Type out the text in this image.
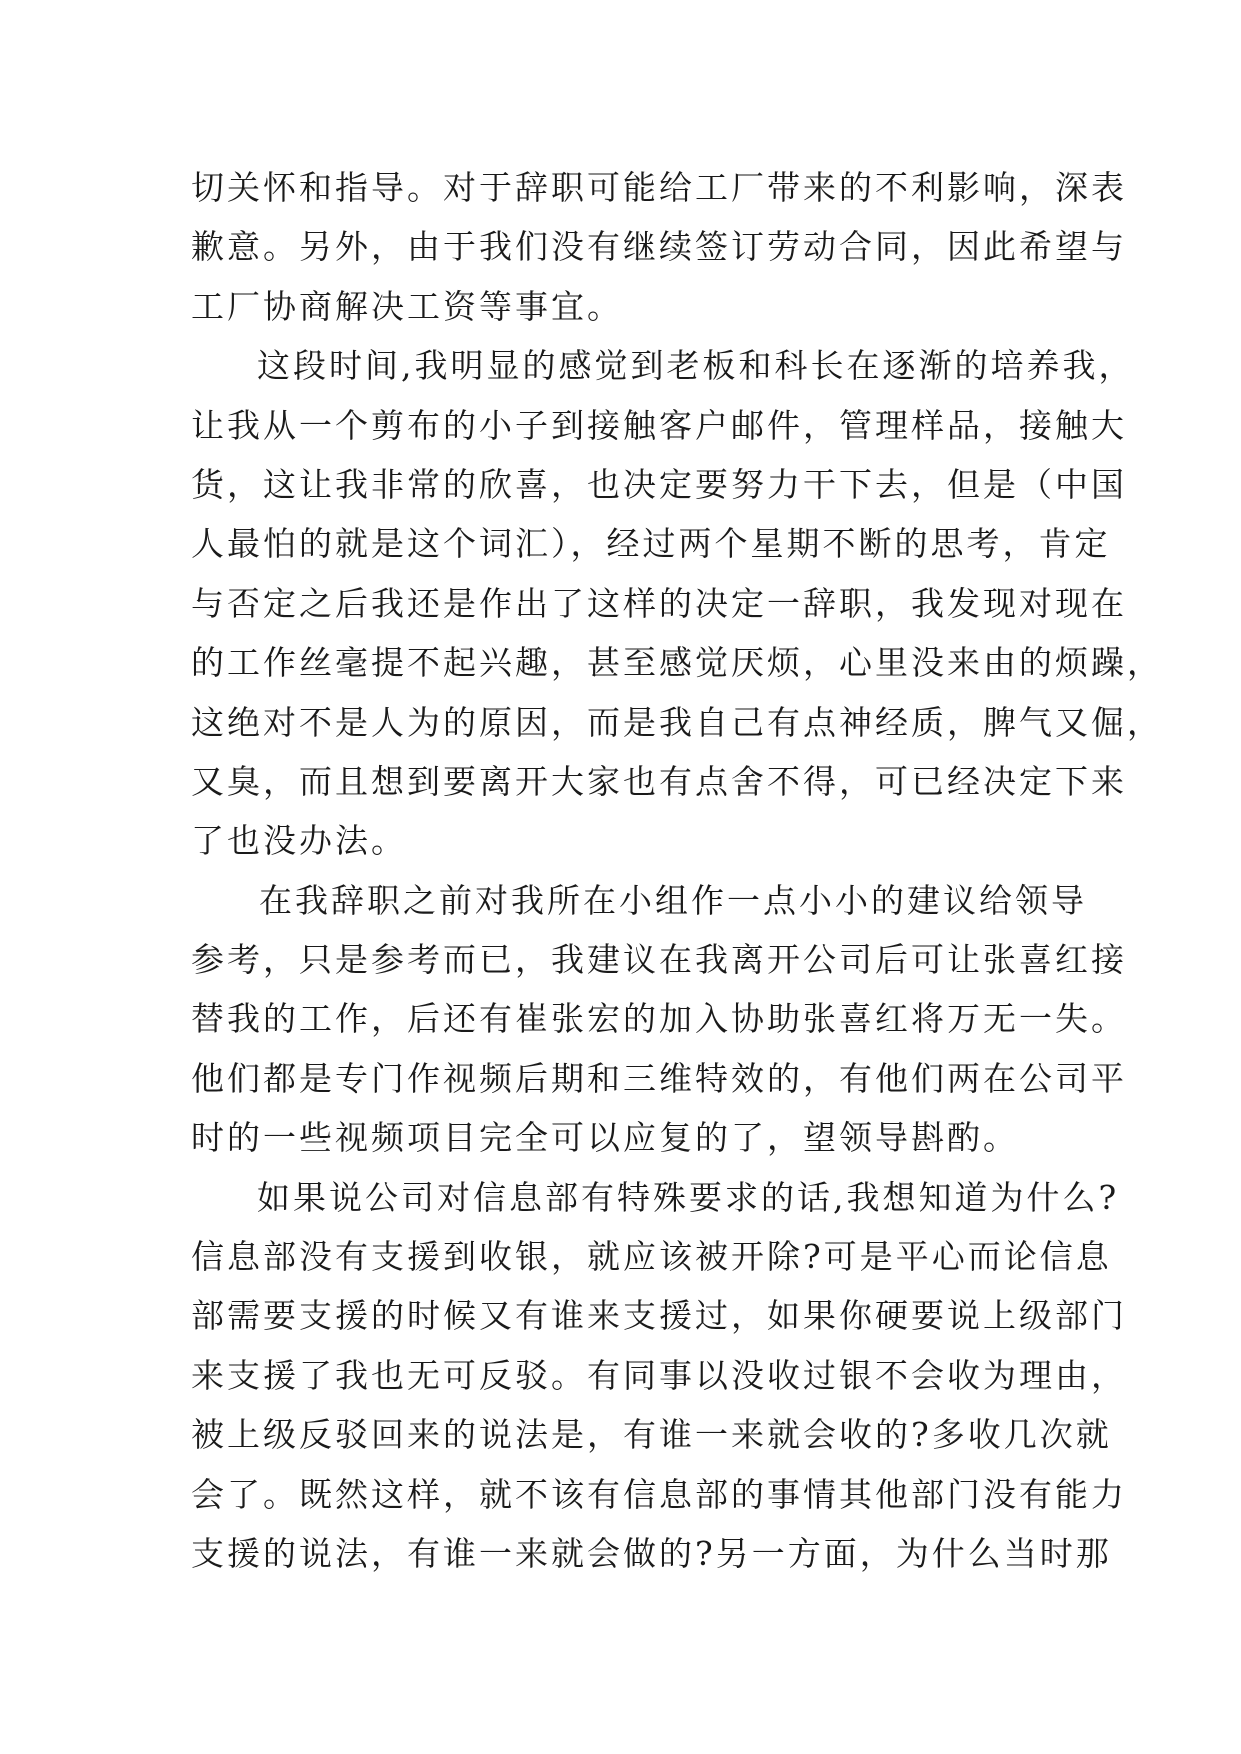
切关怀和指导。对于辞职可能给工厂带来的不利影响，深表
歉意。另外，由于我们没有继续签订劳动合同，因此希望与
工厂协商解决工资等事宜。
这段时间,我明显的感觉到老板和科长在逐渐的培养我，
让我从一个剪布的小子到接触客户邮件，管理样品，接触大
货，这让我非常的欣喜，也决定要努力干下去，但是（中国
人最怕的就是这个词汇），经过两个星期不断的思考，肯定
与否定之后我还是作出了这样的决定一辞职，我发现对现在
的工作丝毫提不起兴趣，甚至感觉厌烦，心里没来由的烦躁，
这绝对不是人为的原因，而是我自己有点神经质，脾气又倔，
又臭，而且想到要离开大家也有点舍不得，可已经决定下来
了也没办法。
在我辞职之前对我所在小组作一点小小的建议给领导
参考，只是参考而已，我建议在我离开公司后可让张喜红接
替我的工作，后还有崔张宏的加入协助张喜红将万无一失。
他们都是专门作视频后期和三维特效的，有他们两在公司平
时的一些视频项目完全可以应复的了，望领导斟酌。
如果说公司对信息部有特殊要求的话,我想知道为什么?
信息部没有支援到收银，就应该被开除?可是平心而论信息
部需要支援的时候又有谁来支援过，如果你硬要说上级部门
来支援了我也无可反驳。有同事以没收过银不会收为理由，
被上级反驳回来的说法是，有谁一来就会收的?多收几次就
会了。既然这样，就不该有信息部的事情其他部门没有能力
支援的说法，有谁一来就会做的?另一方面，为什么当时那
